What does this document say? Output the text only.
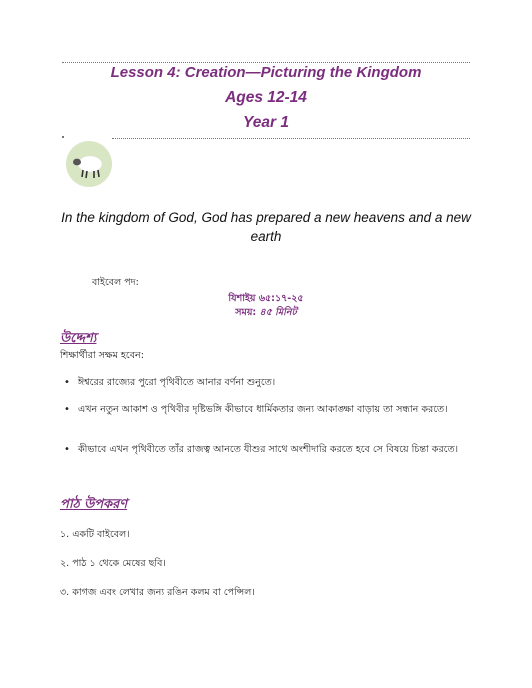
Lesson 4: Creation—Picturing the Kingdom
Ages 12-14
Year 1
In the kingdom of God, God has prepared a new heavens and a new earth
বাইবেল পদ:
যিশাইয় ৬৫:১৭-২৫
সময়: ৪৫ মিনিট
উদ্দেশ্য
শিক্ষার্থীরা সক্ষম হবেন:
• ঈশ্বরের রাজ্যের পুরো পৃথিবীতে আনার বর্ণনা শুনুতে।
• এখন নতুন আকাশ ও পৃথিবীর দৃষ্টিভঙ্গি কীভাবে ধার্মিকতার জন্য আকাঙ্ক্ষা বাড়ায় তা সন্ধান করতে।
• কীভাবে এখন পৃথিবীতে তাঁর রাজত্ব আনতে যীশুর সাথে অংশীদারি করতে হবে সে বিষয়ে চিন্তা করতে।
পাঠ উপকরণ
১. একটি বাইবেল।
২. পাঠ ১ থেকে মেষের ছবি।
৩. কাগজ এবং লেখার জন্য রঙিন কলম বা পেন্সিল।
